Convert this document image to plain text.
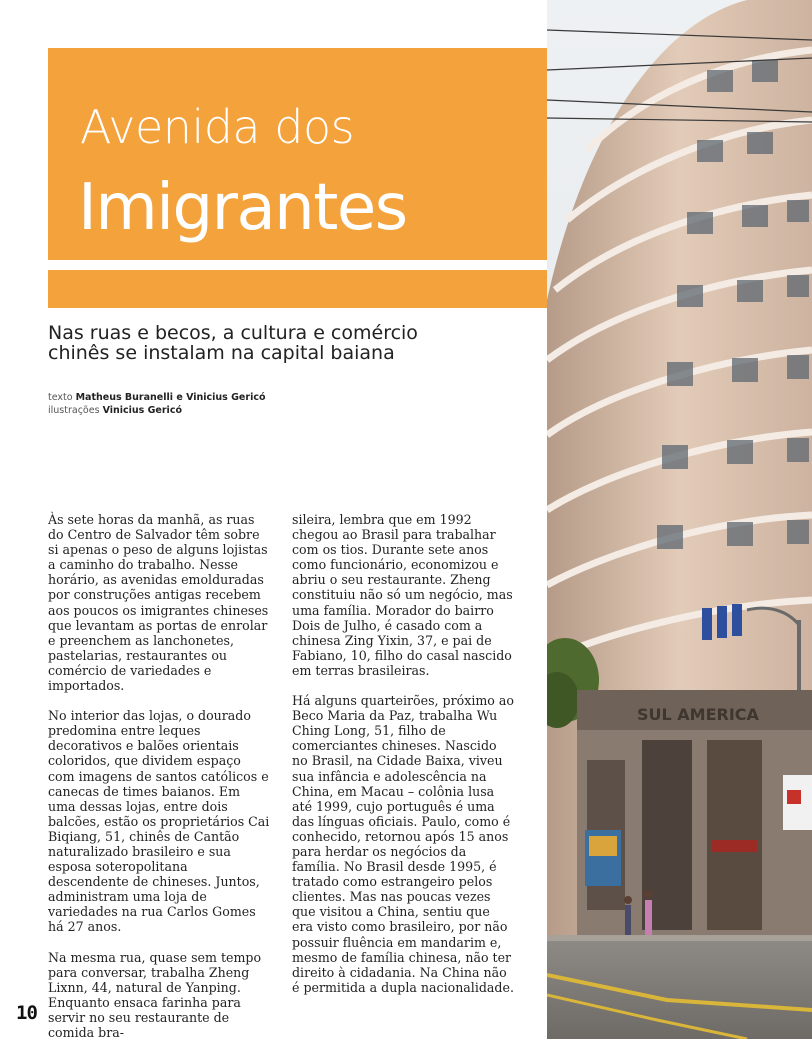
Avenida dos
Imigrantes
Nas ruas e becos, a cultura e comércio chinês se instalam na capital baiana
texto Matheus Buranelli e Vinicius Gericó
ilustrações Vinicius Gericó

Às sete horas da manhã, as ruas do Centro de Salvador têm sobre si apenas o peso de alguns lojistas a caminho do trabalho. Nesse horário, as avenidas emolduradas por construções antigas recebem aos poucos os imigrantes chineses que levantam as portas de enrolar e preenchem as lanchonetes, pastelarias, restaurantes ou comércio de variedades e importados.

No interior das lojas, o dourado predomina entre leques decorativos e balões orientais coloridos, que dividem espaço com imagens de santos católicos e canecas de times baianos. Em uma dessas lojas, entre dois balcões, estão os proprietários Cai Biqiang, 51, chinês de Cantão naturalizado brasileiro e sua esposa soteropolitana descendente de chineses. Juntos, administram uma loja de variedades na rua Carlos Gomes há 27 anos.

Na mesma rua, quase sem tempo para conversar, trabalha Zheng Lixnn, 44, natural de Yanping. Enquanto ensaca farinha para servir no seu restaurante de comida bra-

sileira, lembra que em 1992 chegou ao Brasil para trabalhar com os tios. Durante sete anos como funcionário, economizou e abriu o seu restaurante. Zheng constituiu não só um negócio, mas uma família. Morador do bairro Dois de Julho, é casado com a chinesa Zing Yixin, 37, e pai de Fabiano, 10, filho do casal nascido em terras brasileiras.

Há alguns quarteirões, próximo ao Beco Maria da Paz, trabalha Wu Ching Long, 51, filho de comerciantes chineses. Nascido no Brasil, na Cidade Baixa, viveu sua infância e adolescência na China, em Macau – colônia lusa até 1999, cujo português é uma das línguas oficiais. Paulo, como é conhecido, retornou após 15 anos para herdar os negócios da família. No Brasil desde 1995, é tratado como estrangeiro pelos clientes. Mas nas poucas vezes que visitou a China, sentiu que era visto como brasileiro, por não possuir fluência em mandarim e, mesmo de família chinesa, não ter direito à cidadania. Na China não é permitida a dupla nacionalidade.

10
SUL AMERICA
